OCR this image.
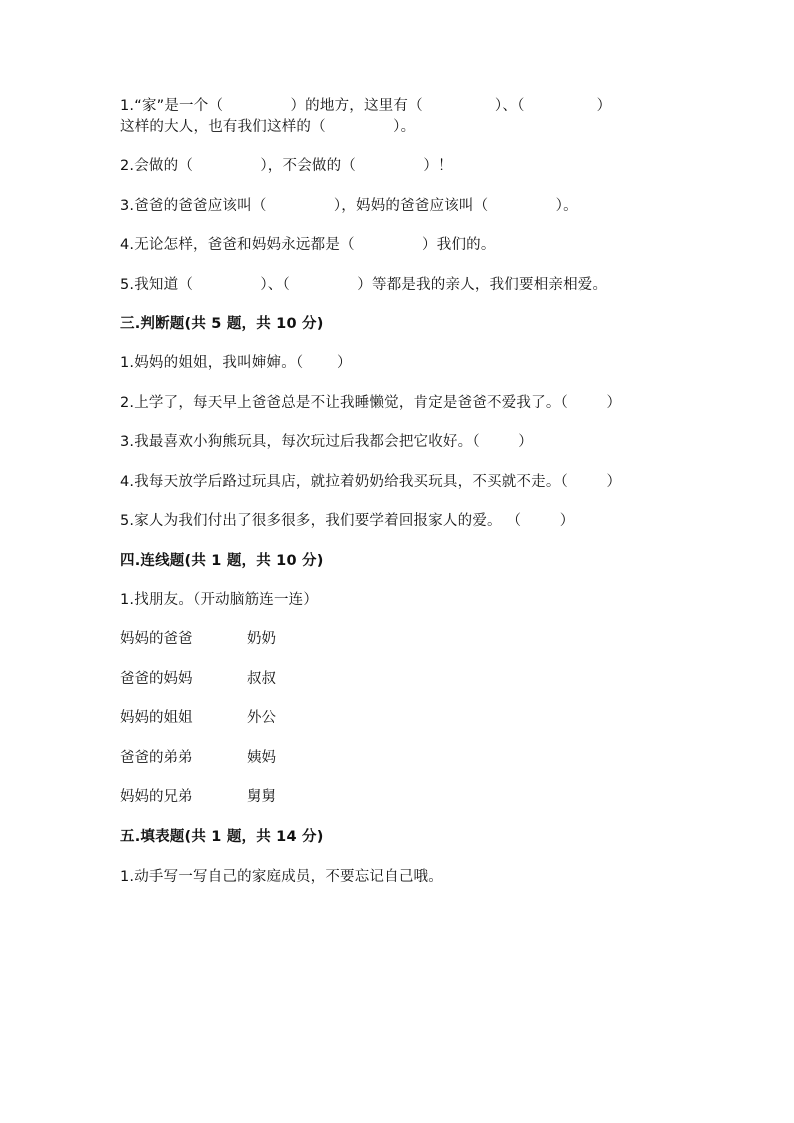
1.“家”是一个（              ）的地方，这里有（               ）、（               ）
这样的大人，也有我们这样的（              ）。
2.会做的（              ），不会做的（              ）！
3.爸爸的爸爸应该叫（              ），妈妈的爸爸应该叫（              ）。
4.无论怎样，爸爸和妈妈永远都是（              ）我们的。
5.我知道（              ）、（              ）等都是我的亲人，我们要相亲相爱。
三.判断题(共 5 题，共 10 分)
1.妈妈的姐姐，我叫婶婶。（       ）
2.上学了，每天早上爸爸总是不让我睡懒觉，肯定是爸爸不爱我了。（        ）
3.我最喜欢小狗熊玩具，每次玩过后我都会把它收好。（        ）
4.我每天放学后路过玩具店，就拉着奶奶给我买玩具，不买就不走。（        ）
5.家人为我们付出了很多很多，我们要学着回报家人的爱。 （        ）
四.连线题(共 1 题，共 10 分)
1.找朋友。（开动脑筋连一连）
妈妈的爸爸	奶奶
爸爸的妈妈	叔叔
妈妈的姐姐	外公
爸爸的弟弟	姨妈
妈妈的兄弟	舅舅
五.填表题(共 1 题，共 14 分)
1.动手写一写自己的家庭成员，不要忘记自己哦。
